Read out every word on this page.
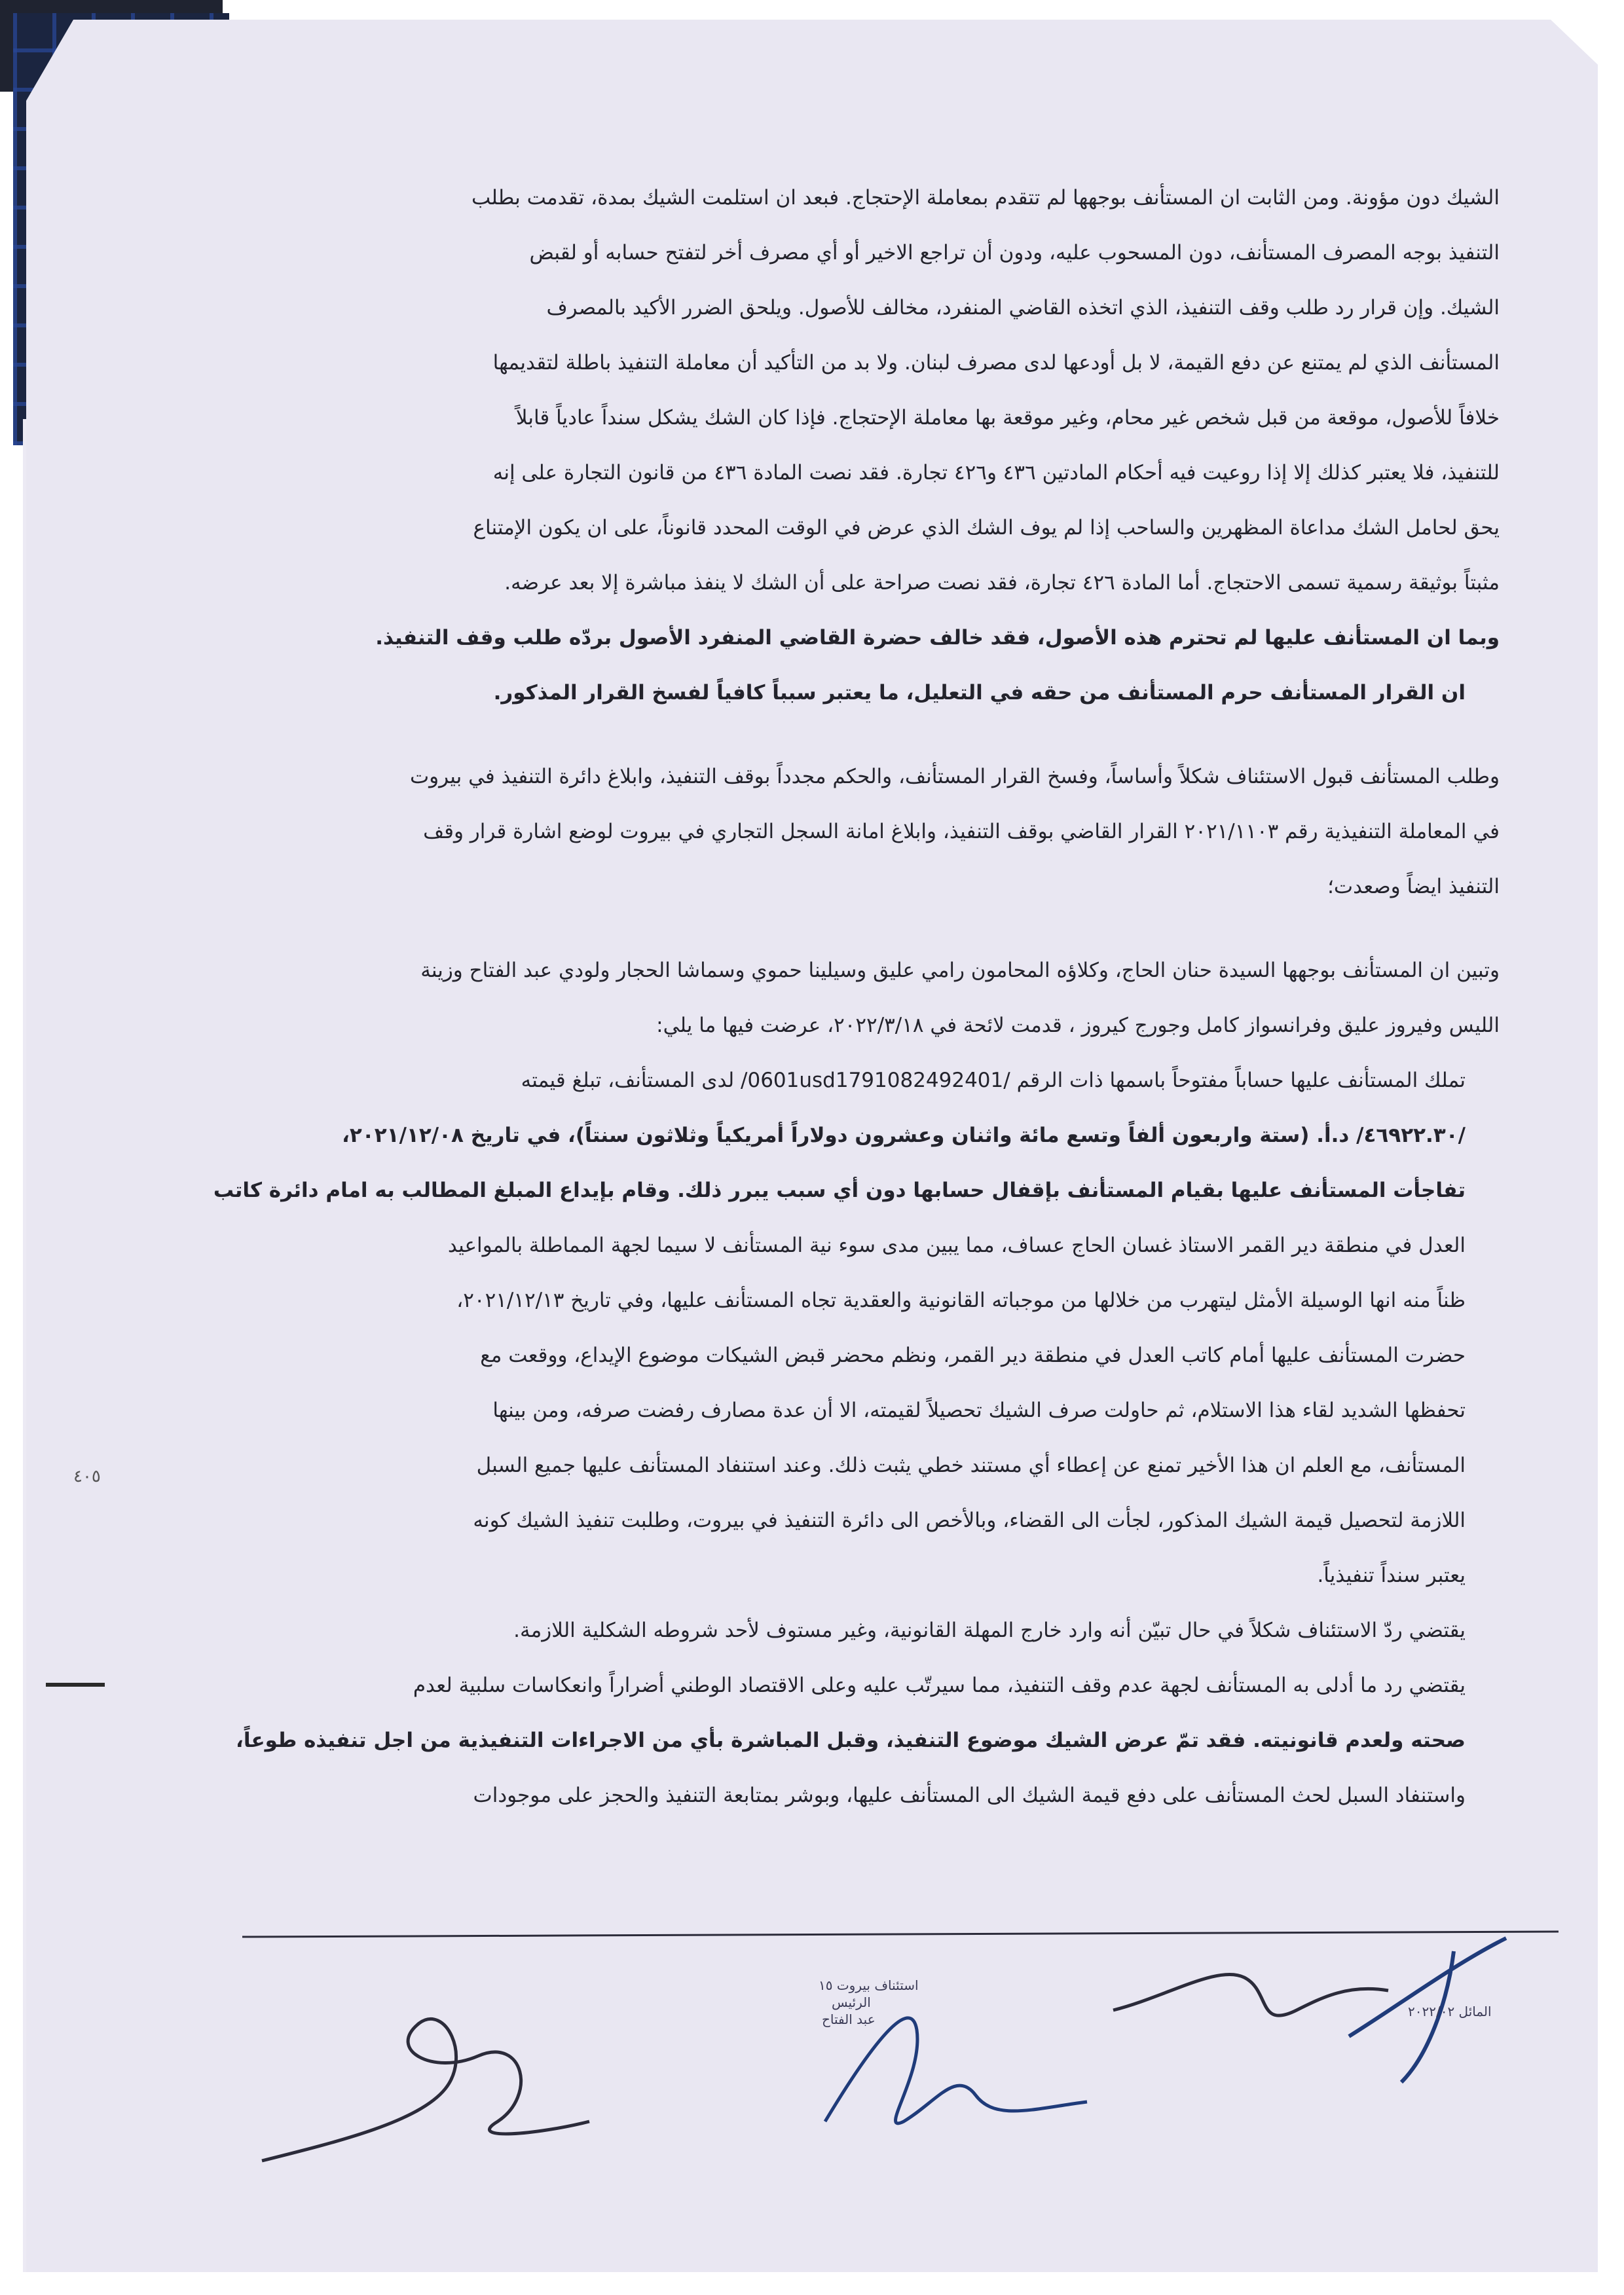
الشيك دون مؤونة. ومن الثابت ان المستأنف بوجهها لم تتقدم بمعاملة الإحتجاج. فبعد ان استلمت الشيك بمدة، تقدمت بطلب
التنفيذ بوجه المصرف المستأنف، دون المسحوب عليه، ودون أن تراجع الاخير أو أي مصرف أخر لتفتح حسابه أو لقبض
الشيك. وإن قرار رد طلب وقف التنفيذ، الذي اتخذه القاضي المنفرد، مخالف للأصول. ويلحق الضرر الأكيد بالمصرف
المستأنف الذي لم يمتنع عن دفع القيمة، لا بل أودعها لدى مصرف لبنان. ولا بد من التأكيد أن معاملة التنفيذ باطلة لتقديمها
خلافاً للأصول، موقعة من قبل شخص غير محام، وغير موقعة بها معاملة الإحتجاج. فإذا كان الشك يشكل سنداً عادياً قابلاً
للتنفيذ، فلا يعتبر كذلك إلا إذا روعيت فيه أحكام المادتين ٤٣٦ و٤٢٦ تجارة. فقد نصت المادة ٤٣٦ من قانون التجارة على إنه
يحق لحامل الشك مداعاة المظهرين والساحب إذا لم يوف الشك الذي عرض في الوقت المحدد قانوناً، على ان يكون الإمتناع
مثبتاً بوثيقة رسمية تسمى الاحتجاج. أما المادة ٤٢٦ تجارة، فقد نصت صراحة على أن الشك لا ينفذ مباشرة إلا بعد عرضه.
وبما ان المستأنف عليها لم تحترم هذه الأصول، فقد خالف حضرة القاضي المنفرد الأصول بردّه طلب وقف التنفيذ.
ان القرار المستأنف حرم المستأنف من حقه في التعليل، ما يعتبر سبباً كافياً لفسخ القرار المذكور.
وطلب المستأنف قبول الاستئناف شكلاً وأساساً، وفسخ القرار المستأنف، والحكم مجدداً بوقف التنفيذ، وابلاغ دائرة التنفيذ في بيروت
في المعاملة التنفيذية رقم ٢٠٢١/١١٠٣ القرار القاضي بوقف التنفيذ، وابلاغ امانة السجل التجاري في بيروت لوضع اشارة قرار وقف
التنفيذ ايضاً وصعدت؛
وتبين ان المستأنف بوجهها السيدة حنان الحاج، وكلاؤه المحامون رامي عليق وسيلينا حموي وسماشا الحجار ولودي عبد الفتاح وزينة
الليس وفيروز عليق وفرانسواز كامل وجورج كيروز ، قدمت لائحة في ٢٠٢٢/٣/١٨، عرضت فيها ما يلي:
تملك المستأنف عليها حساباً مفتوحاً باسمها ذات الرقم /0601usd1791082492401/ لدى المستأنف، تبلغ قيمته
/٤٦٩٢٢.٣٠/ د.أ. (ستة واربعون ألفاً وتسع مائة واثنان وعشرون دولاراً أمريكياً وثلاثون سنتاً)، في تاريخ ٢٠٢١/١٢/٠٨،
تفاجأت المستأنف عليها بقيام المستأنف بإقفال حسابها دون أي سبب يبرر ذلك. وقام بإيداع المبلغ المطالب به امام دائرة كاتب
العدل في منطقة دير القمر الاستاذ غسان الحاج عساف، مما يبين مدى سوء نية المستأنف لا سيما لجهة المماطلة بالمواعيد
ظناً منه انها الوسيلة الأمثل ليتهرب من خلالها من موجباته القانونية والعقدية تجاه المستأنف عليها، وفي تاريخ ٢٠٢١/١٢/١٣،
حضرت المستأنف عليها أمام كاتب العدل في منطقة دير القمر، ونظم محضر قبض الشيكات موضوع الإيداع، ووقعت مع
تحفظها الشديد لقاء هذا الاستلام، ثم حاولت صرف الشيك تحصيلاً لقيمته، الا أن عدة مصارف رفضت صرفه، ومن بينها
المستأنف، مع العلم ان هذا الأخير تمنع عن إعطاء أي مستند خطي يثبت ذلك. وعند استنفاد المستأنف عليها جميع السبل
اللازمة لتحصيل قيمة الشيك المذكور، لجأت الى القضاء، وبالأخص الى دائرة التنفيذ في بيروت، وطلبت تنفيذ الشيك كونه
يعتبر سنداً تنفيذياً.
يقتضي ردّ الاستئناف شكلاً في حال تبيّن أنه وارد خارج المهلة القانونية، وغير مستوف لأحد شروطه الشكلية اللازمة.
يقتضي رد ما أدلى به المستأنف لجهة عدم وقف التنفيذ، مما سيرتّب عليه وعلى الاقتصاد الوطني أضراراً وانعكاسات سلبية لعدم
صحته ولعدم قانونيته. فقد تمّ عرض الشيك موضوع التنفيذ، وقبل المباشرة بأي من الاجراءات التنفيذية من اجل تنفيذه طوعاً،
واستنفاد السبل لحث المستأنف على دفع قيمة الشيك الى المستأنف عليها، وبوشر بمتابعة التنفيذ والحجز على موجودات
٤٠٥
استئناف بيروت ١٥
الرئيس
عبد الفتاح	المائل ٢٠٢٢/٠٢
